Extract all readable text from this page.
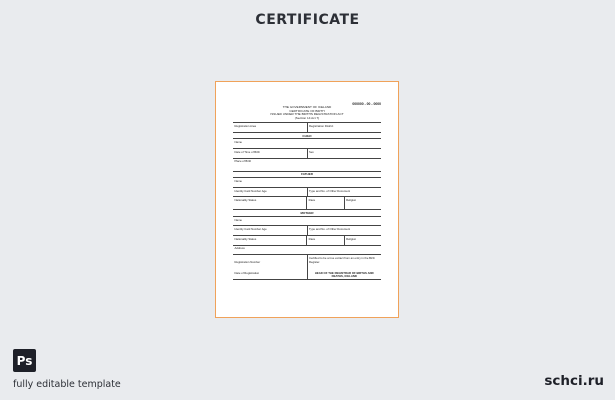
CERTIFICATE
000000 - 00 - 0000
THE GOVERNMENT OF ICELAND
CERTIFICATE OF BIRTH
ISSUED UNDER THE BIRTHS REGISTRATION ACT
(Section 14 Act 7)
Registration Area	Registration District
CHILD
Name
Date of Time of Birth	Sex
Place of Birth
FATHER
Name
Identity Card Number Age	Type and No. of Other Document
Nationality Status	Race	Religion
MOTHER
Name
Identity Card Number Age	Type and No. of Other Document
Nationality Status	Race	Religion
Address
Registration Number
Date of Registration
Certified to be a true extract from an entry in the Birth Register.
HEAD OF THE REGISTRAR OF BIRTHS AND DEATHS, ICELAND
Ps
fully editable template	schci.ru
